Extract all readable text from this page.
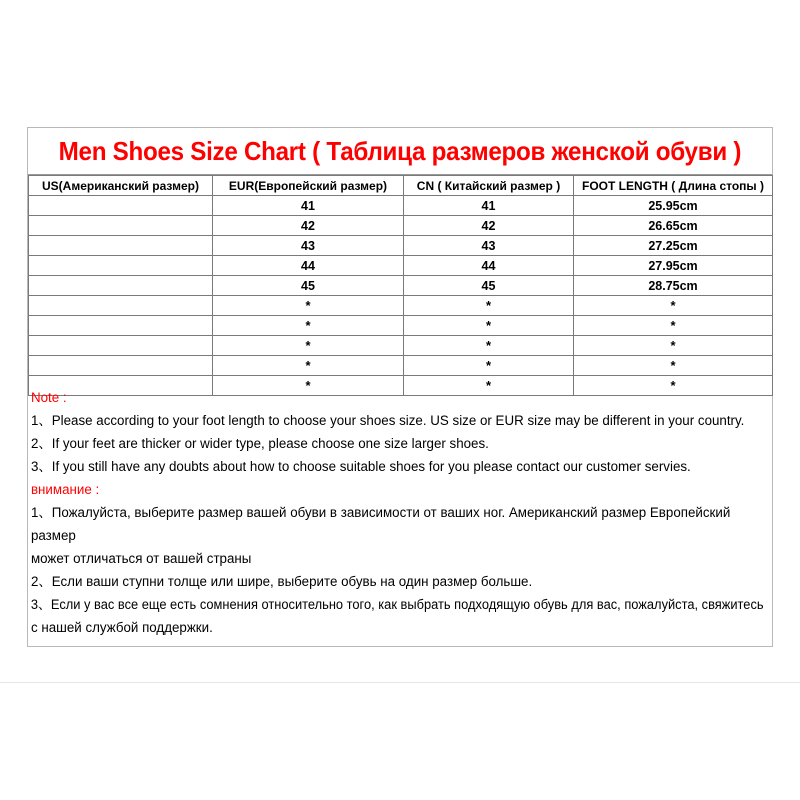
Men Shoes Size Chart ( Таблица размеров женской обуви )
US(Американский размер)	EUR(Европейский размер)	CN ( Китайский размер )	FOOT LENGTH ( Длина стопы )
	41	41	25.95cm
	42	42	26.65cm
	43	43	27.25cm
	44	44	27.95cm
	45	45	28.75cm
	*	*	*
	*	*	*
	*	*	*
	*	*	*
	*	*	*
Note :
1、Please according to your foot length to choose your shoes size. US size or EUR size may be different in your country.
2、If your feet are thicker or wider type, please choose one size larger shoes.
3、If you still have any doubts about how to choose suitable shoes for you please contact our customer servies.
внимание :
1、Пожалуйста, выберите размер вашей обуви в зависимости от ваших ног. Американский размер Европейский
размер
может отличаться от вашей страны
2、Если ваши ступни толще или шире, выберите обувь на один размер больше.
3、Если у вас все еще есть сомнения относительно того, как выбрать подходящую обувь для вас, пожалуйста, свяжитесь
с нашей службой поддержки.
